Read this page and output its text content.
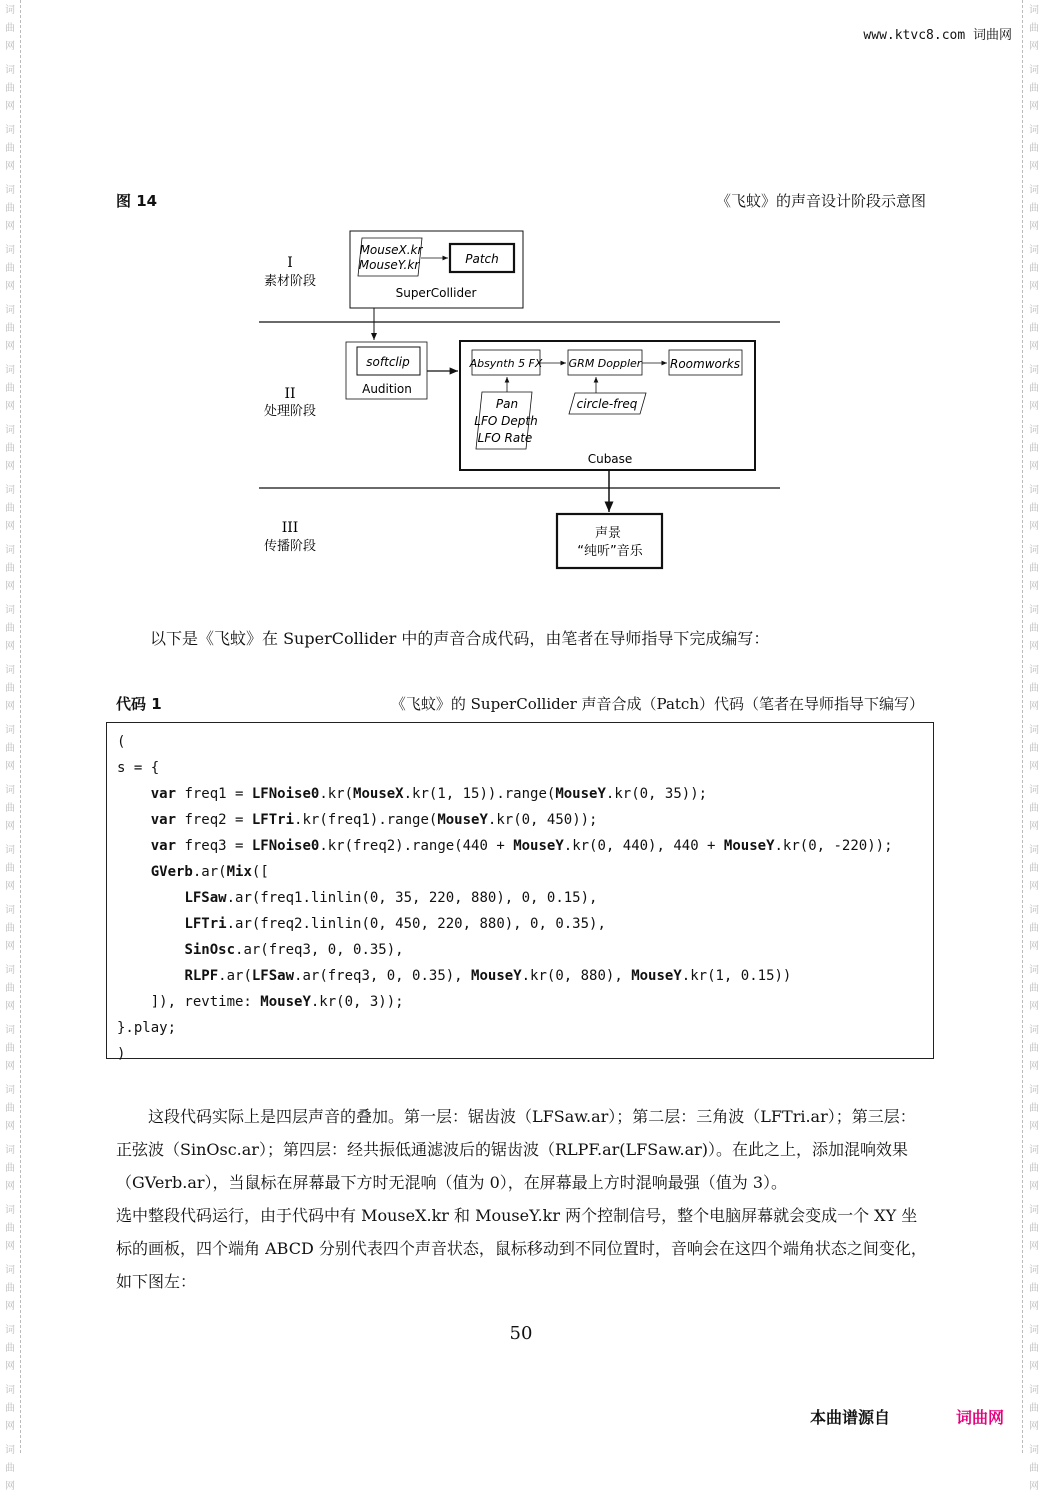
词
曲
网
词
曲
网
词
曲
网
词
曲
网
词
曲
网
词
曲
网
词
曲
网
词
曲
网
词
曲
网
词
曲
网
词
曲
网
词
曲
网
词
曲
网
词
曲
网
词
曲
网
词
曲
网
词
曲
网
词
曲
网
词
曲
网
词
曲
网
词
曲
网
词
曲
网
词
曲
网
词
曲
网
词
曲
网
词
曲
网
词
曲
网
词
曲
网
词
曲
网
词
曲
网
词
曲
网
词
曲
网
词
曲
网
词
曲
网
词
曲
网
词
曲
网
词
曲
网
词
曲
网
词
曲
网
词
曲
网
词
曲
网
词
曲
网
词
曲
网
词
曲
网
词
曲
网
词
曲
网
词
曲
网
词
曲
网
词
曲
网
词
曲
网
www.ktvc8.com 词曲网
图 14	《飞蚊》的声音设计阶段示意图
I
素材阶段
II
处理阶段
III
传播阶段
MouseX.kr
MouseY.kr	Patch
SuperCollider
softclip
Audition
Absynth 5 FX GRM Doppler Roomworks
Pan
LFO Depth
LFO Rate
circle-freq
Cubase
声景
“纯听”音乐
以下是《飞蚊》在 SuperCollider 中的声音合成代码，由笔者在导师指导下完成编写：
代码 1	《飞蚊》的 SuperCollider 声音合成（Patch）代码（笔者在导师指导下编写）
(
s = {
var freq1 = LFNoise0.kr(MouseX.kr(1, 15)).range(MouseY.kr(0, 35));
var freq2 = LFTri.kr(freq1).range(MouseY.kr(0, 450));
var freq3 = LFNoise0.kr(freq2).range(440 + MouseY.kr(0, 440), 440 + MouseY.kr(0, -220));
GVerb.ar(Mix([
LFSaw.ar(freq1.linlin(0, 35, 220, 880), 0, 0.15),
LFTri.ar(freq2.linlin(0, 450, 220, 880), 0, 0.35),
SinOsc.ar(freq3, 0, 0.35),
RLPF.ar(LFSaw.ar(freq3, 0, 0.35), MouseY.kr(0, 880), MouseY.kr(1, 0.15))
]), revtime: MouseY.kr(0, 3));
}.play;
)
这段代码实际上是四层声音的叠加。第一层：锯齿波（LFSaw.ar）；第二层：三角波（LFTri.ar）；第三层：正弦波（SinOsc.ar）；第四层：经共振低通滤波后的锯齿波（RLPF.ar(LFSaw.ar)）。在此之上，添加混响效果（GVerb.ar），当鼠标在屏幕最下方时无混响（值为 0），在屏幕最上方时混响最强（值为 3）。
选中整段代码运行，由于代码中有 MouseX.kr 和 MouseY.kr 两个控制信号，整个电脑屏幕就会变成一个 XY 坐标的画板，四个端角 ABCD 分别代表四个声音状态，鼠标移动到不同位置时，音响会在这四个端角状态之间变化，如下图左：
50
本曲谱源自	词曲网
